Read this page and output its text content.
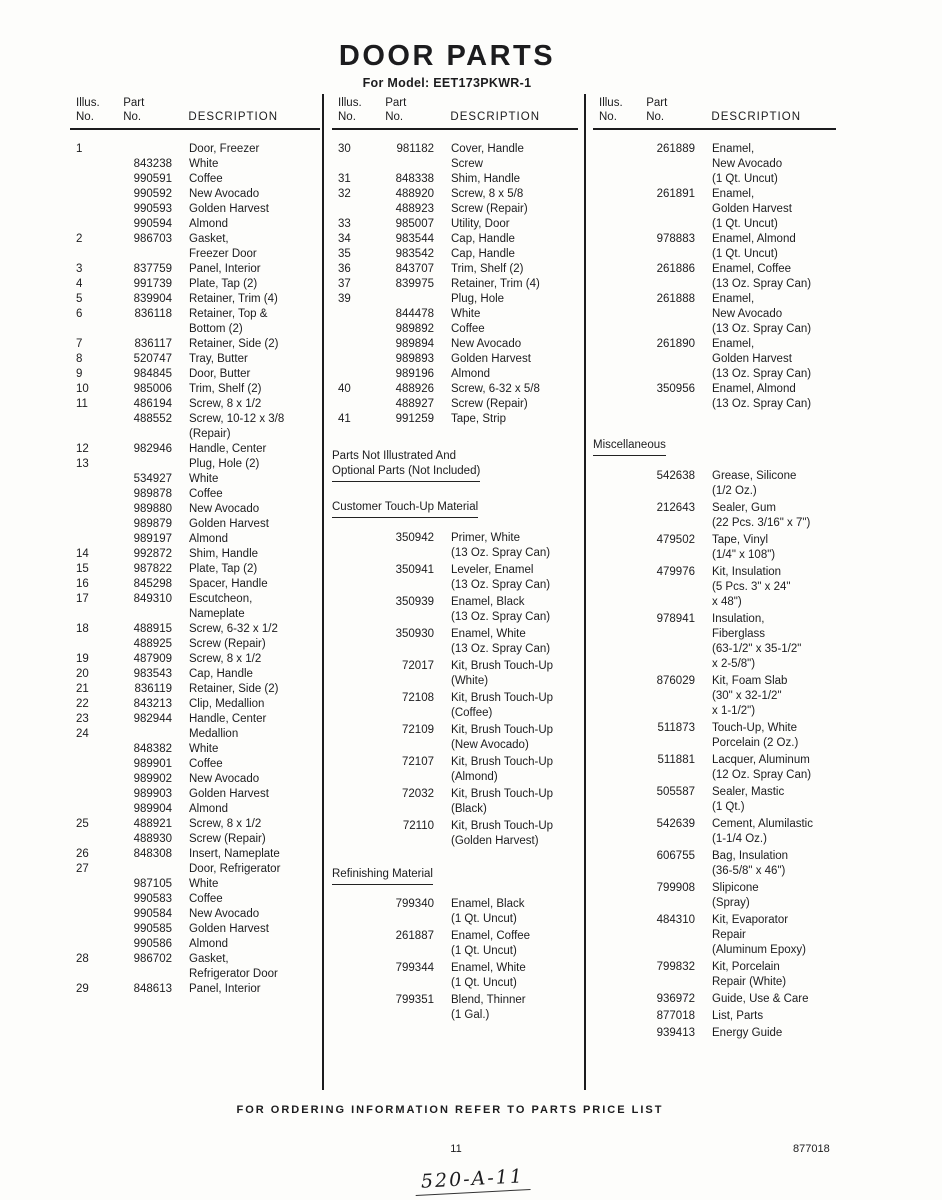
DOOR PARTS
For Model: EET173PKWR-1
Illus. Part
No.	No.	DESCRIPTION
1	Door, Freezer
843238 White
990591 Coffee
990592 New Avocado
990593 Golden Harvest
990594 Almond
2	986703 Gasket,
Freezer Door
3	837759 Panel, Interior
4	991739 Plate, Tap (2)
5	839904 Retainer, Trim (4)
6	836118 Retainer, Top &
Bottom (2)
7	836117 Retainer, Side (2)
8	520747 Tray, Butter
9	984845 Door, Butter
10	985006 Trim, Shelf (2)
11	486194 Screw, 8 x 1/2
488552 Screw, 10-12 x 3/8
(Repair)
12	982946 Handle, Center
13	Plug, Hole (2)
534927 White
989878 Coffee
989880 New Avocado
989879 Golden Harvest
989197 Almond
14	992872 Shim, Handle
15	987822 Plate, Tap (2)
16	845298 Spacer, Handle
17	849310 Escutcheon,
Nameplate
18	488915 Screw, 6-32 x 1/2
488925 Screw (Repair)
19	487909 Screw, 8 x 1/2
20	983543 Cap, Handle
21	836119 Retainer, Side (2)
22	843213 Clip, Medallion
23	982944 Handle, Center
24	Medallion
848382 White
989901 Coffee
989902 New Avocado
989903 Golden Harvest
989904 Almond
25	488921 Screw, 8 x 1/2
488930 Screw (Repair)
26	848308 Insert, Nameplate
27	Door, Refrigerator
987105 White
990583 Coffee
990584 New Avocado
990585 Golden Harvest
990586 Almond
28	986702 Gasket,
Refrigerator Door
29	848613 Panel, Interior
Illus. Part
No.	No.	DESCRIPTION
30	981182 Cover, Handle
Screw
31	848338 Shim, Handle
32	488920 Screw, 8 x 5/8
488923 Screw (Repair)
33	985007 Utility, Door
34	983544 Cap, Handle
35	983542 Cap, Handle
36	843707 Trim, Shelf (2)
37	839975 Retainer, Trim (4)
39	Plug, Hole
844478 White
989892 Coffee
989894 New Avocado
989893 Golden Harvest
989196 Almond
40	488926 Screw, 6-32 x 5/8
488927 Screw (Repair)
41	991259 Tape, Strip
Parts Not Illustrated And
Optional Parts (Not Included)
Customer Touch-Up Material
350942 Primer, White
(13 Oz. Spray Can)
350941 Leveler, Enamel
(13 Oz. Spray Can)
350939 Enamel, Black
(13 Oz. Spray Can)
350930 Enamel, White
(13 Oz. Spray Can)
72017 Kit, Brush Touch-Up
(White)
72108 Kit, Brush Touch-Up
(Coffee)
72109 Kit, Brush Touch-Up
(New Avocado)
72107 Kit, Brush Touch-Up
(Almond)
72032 Kit, Brush Touch-Up
(Black)
72110 Kit, Brush Touch-Up
(Golden Harvest)
Refinishing Material
799340 Enamel, Black
(1 Qt. Uncut)
261887 Enamel, Coffee
(1 Qt. Uncut)
799344 Enamel, White
(1 Qt. Uncut)
799351 Blend, Thinner
(1 Gal.)
Illus. Part
No.	No.	DESCRIPTION
261889 Enamel,
New Avocado
(1 Qt. Uncut)
261891 Enamel,
Golden Harvest
(1 Qt. Uncut)
978883 Enamel, Almond
(1 Qt. Uncut)
261886 Enamel, Coffee
(13 Oz. Spray Can)
261888 Enamel,
New Avocado
(13 Oz. Spray Can)
261890 Enamel,
Golden Harvest
(13 Oz. Spray Can)
350956 Enamel, Almond
(13 Oz. Spray Can)
Miscellaneous
542638 Grease, Silicone
(1/2 Oz.)
212643 Sealer, Gum
(22 Pcs. 3/16" x 7")
479502 Tape, Vinyl
(1/4" x 108")
479976 Kit, Insulation
(5 Pcs. 3" x 24"
x 48")
978941 Insulation,
Fiberglass
(63-1/2" x 35-1/2"
x 2-5/8")
876029 Kit, Foam Slab
(30" x 32-1/2"
x 1-1/2")
511873 Touch-Up, White
Porcelain (2 Oz.)
511881 Lacquer, Aluminum
(12 Oz. Spray Can)
505587 Sealer, Mastic
(1 Qt.)
542639 Cement, Alumilastic
(1-1/4 Oz.)
606755 Bag, Insulation
(36-5/8" x 46")
799908 Slipicone
(Spray)
484310 Kit, Evaporator
Repair
(Aluminum Epoxy)
799832 Kit, Porcelain
Repair (White)
936972 Guide, Use & Care
877018 List, Parts
939413 Energy Guide
FOR ORDERING INFORMATION REFER TO PARTS PRICE LIST
11	877018
520-A-11
